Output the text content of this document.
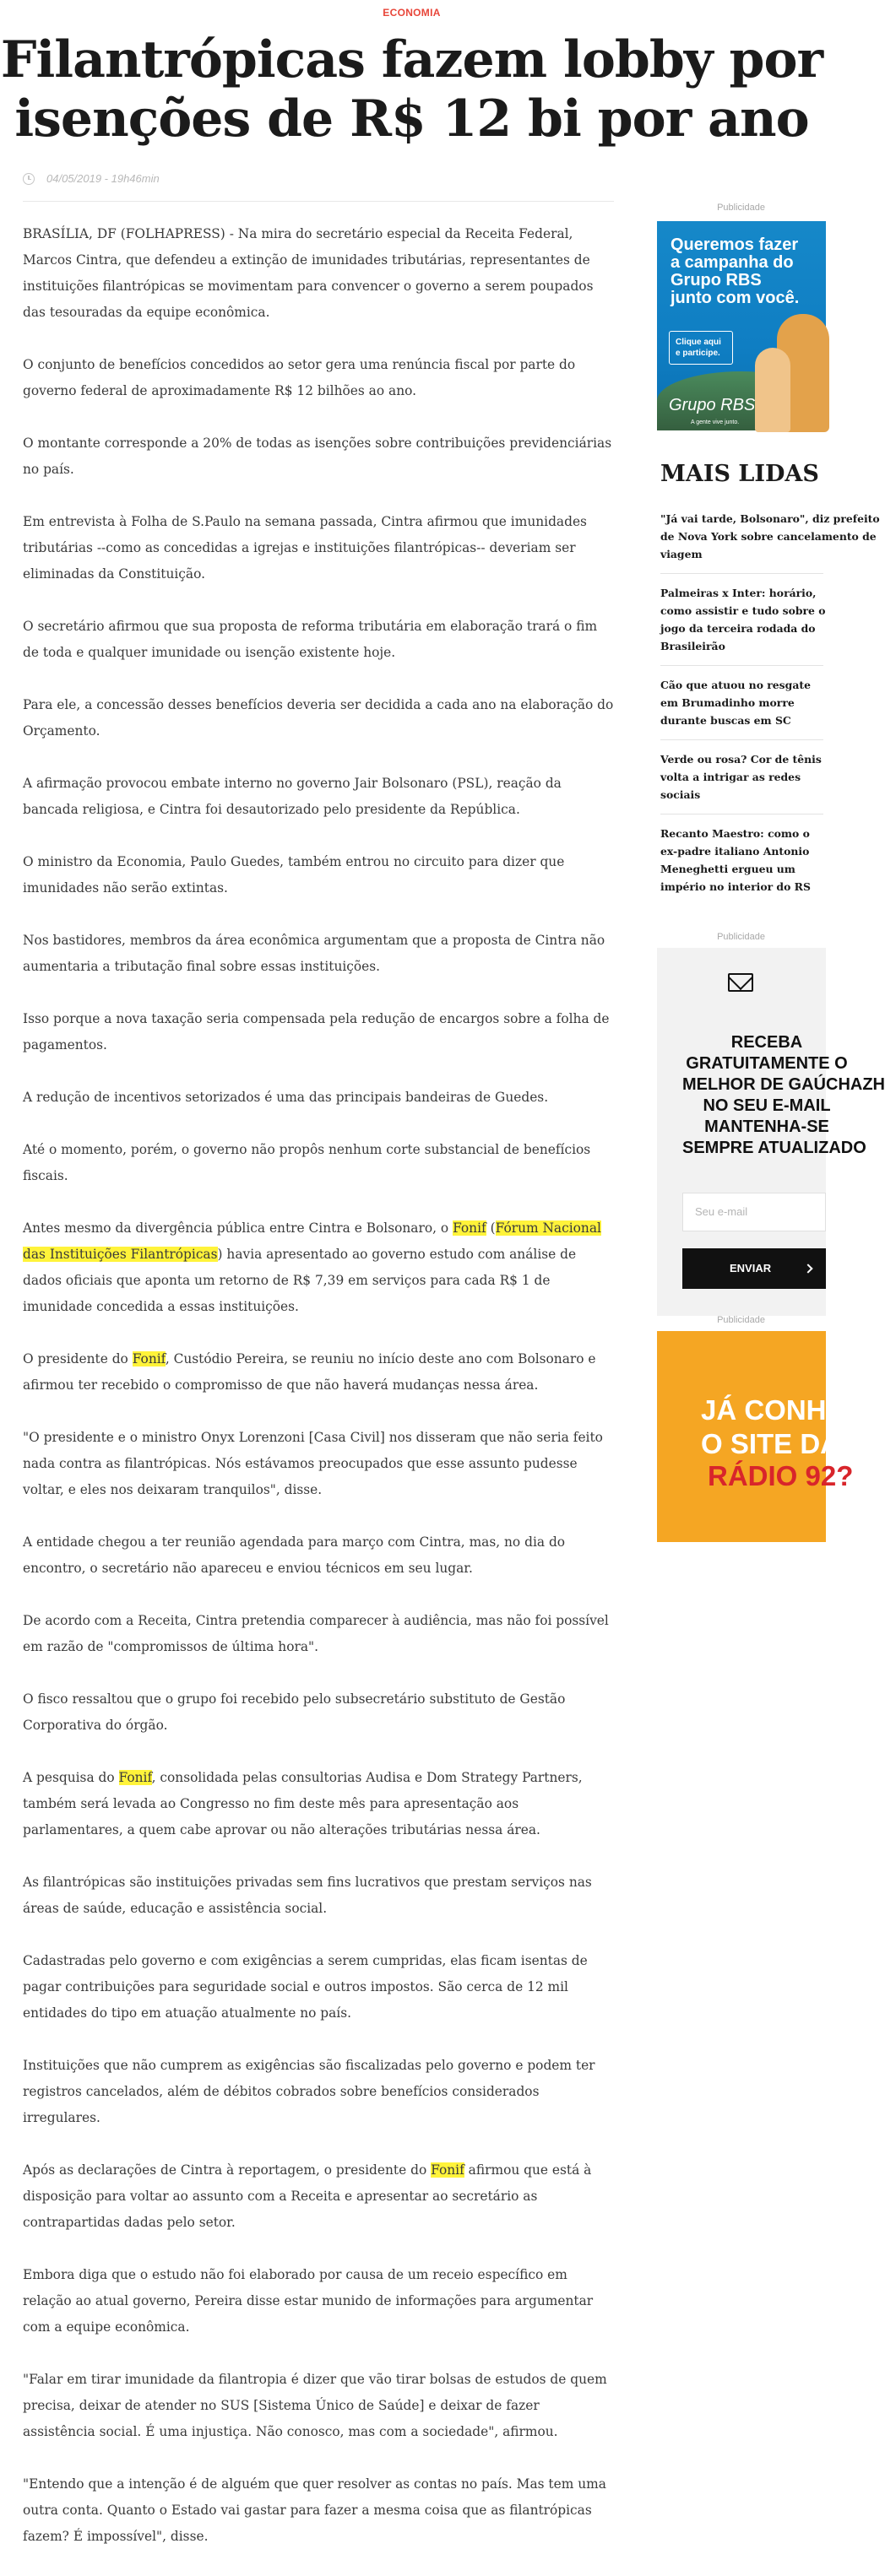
ECONOMIA
Filantrópicas fazem lobby por
isenções de R$ 12 bi por ano
04/05/2019 - 19h46min

BRASÍLIA, DF (FOLHAPRESS) - Na mira do secretário especial da Receita Federal, Marcos Cintra, que defendeu a extinção de imunidades tributárias, representantes de instituições filantrópicas se movimentam para convencer o governo a serem poupados das tesouradas da equipe econômica.

O conjunto de benefícios concedidos ao setor gera uma renúncia fiscal por parte do governo federal de aproximadamente R$ 12 bilhões ao ano.

O montante corresponde a 20% de todas as isenções sobre contribuições previdenciárias no país.

Em entrevista à Folha de S.Paulo na semana passada, Cintra afirmou que imunidades tributárias --como as concedidas a igrejas e instituições filantrópicas-- deveriam ser eliminadas da Constituição.

O secretário afirmou que sua proposta de reforma tributária em elaboração trará o fim de toda e qualquer imunidade ou isenção existente hoje.

Para ele, a concessão desses benefícios deveria ser decidida a cada ano na elaboração do Orçamento.

A afirmação provocou embate interno no governo Jair Bolsonaro (PSL), reação da bancada religiosa, e Cintra foi desautorizado pelo presidente da República.

O ministro da Economia, Paulo Guedes, também entrou no circuito para dizer que imunidades não serão extintas.

Nos bastidores, membros da área econômica argumentam que a proposta de Cintra não aumentaria a tributação final sobre essas instituições.

Isso porque a nova taxação seria compensada pela redução de encargos sobre a folha de pagamentos.

A redução de incentivos setorizados é uma das principais bandeiras de Guedes.

Até o momento, porém, o governo não propôs nenhum corte substancial de benefícios fiscais.

Antes mesmo da divergência pública entre Cintra e Bolsonaro, o Fonif (Fórum Nacional das Instituições Filantrópicas) havia apresentado ao governo estudo com análise de dados oficiais que aponta um retorno de R$ 7,39 em serviços para cada R$ 1 de imunidade concedida a essas instituições.

O presidente do Fonif, Custódio Pereira, se reuniu no início deste ano com Bolsonaro e afirmou ter recebido o compromisso de que não haverá mudanças nessa área.

"O presidente e o ministro Onyx Lorenzoni [Casa Civil] nos disseram que não seria feito nada contra as filantrópicas. Nós estávamos preocupados que esse assunto pudesse voltar, e eles nos deixaram tranquilos", disse.

A entidade chegou a ter reunião agendada para março com Cintra, mas, no dia do encontro, o secretário não apareceu e enviou técnicos em seu lugar.

De acordo com a Receita, Cintra pretendia comparecer à audiência, mas não foi possível em razão de "compromissos de última hora".

O fisco ressaltou que o grupo foi recebido pelo subsecretário substituto de Gestão Corporativa do órgão.

A pesquisa do Fonif, consolidada pelas consultorias Audisa e Dom Strategy Partners, também será levada ao Congresso no fim deste mês para apresentação aos parlamentares, a quem cabe aprovar ou não alterações tributárias nessa área.

As filantrópicas são instituições privadas sem fins lucrativos que prestam serviços nas áreas de saúde, educação e assistência social.

Cadastradas pelo governo e com exigências a serem cumpridas, elas ficam isentas de pagar contribuições para seguridade social e outros impostos. São cerca de 12 mil entidades do tipo em atuação atualmente no país.

Instituições que não cumprem as exigências são fiscalizadas pelo governo e podem ter registros cancelados, além de débitos cobrados sobre benefícios considerados irregulares.

Após as declarações de Cintra à reportagem, o presidente do Fonif afirmou que está à disposição para voltar ao assunto com a Receita e apresentar ao secretário as contrapartidas dadas pelo setor.

Embora diga que o estudo não foi elaborado por causa de um receio específico em relação ao atual governo, Pereira disse estar munido de informações para argumentar com a equipe econômica.

"Falar em tirar imunidade da filantropia é dizer que vão tirar bolsas de estudos de quem precisa, deixar de atender no SUS [Sistema Único de Saúde] e deixar de fazer assistência social. É uma injustiça. Não conosco, mas com a sociedade", afirmou.

"Entendo que a intenção é de alguém que quer resolver as contas no país. Mas tem uma outra conta. Quanto o Estado vai gastar para fazer a mesma coisa que as filantrópicas fazem? É impossível", disse.

Publicidade
Queremos fazer a campanha do Grupo RBS junto com você.
Clique aqui e participe.
Grupo RBS
A gente vive junto.
MAIS LIDAS
"Já vai tarde, Bolsonaro", diz prefeito
de Nova York sobre cancelamento de
viagem
Palmeiras x Inter: horário,
como assistir e tudo sobre o
jogo da terceira rodada do
Brasileirão
Cão que atuou no resgate
em Brumadinho morre
durante buscas em SC
Verde ou rosa? Cor de tênis
volta a intrigar as redes
sociais
Recanto Maestro: como o
ex-padre italiano Antonio
Meneghetti ergueu um
império no interior do RS
Publicidade
RECEBA
GRATUITAMENTE O
MELHOR DE GAÚCHAZH
NO SEU E-MAIL
MANTENHA-SE
SEMPRE ATUALIZADO
Seu e-mail
ENVIAR
Publicidade
JÁ CONHECE
O SITE DA
RÁDIO 92?
